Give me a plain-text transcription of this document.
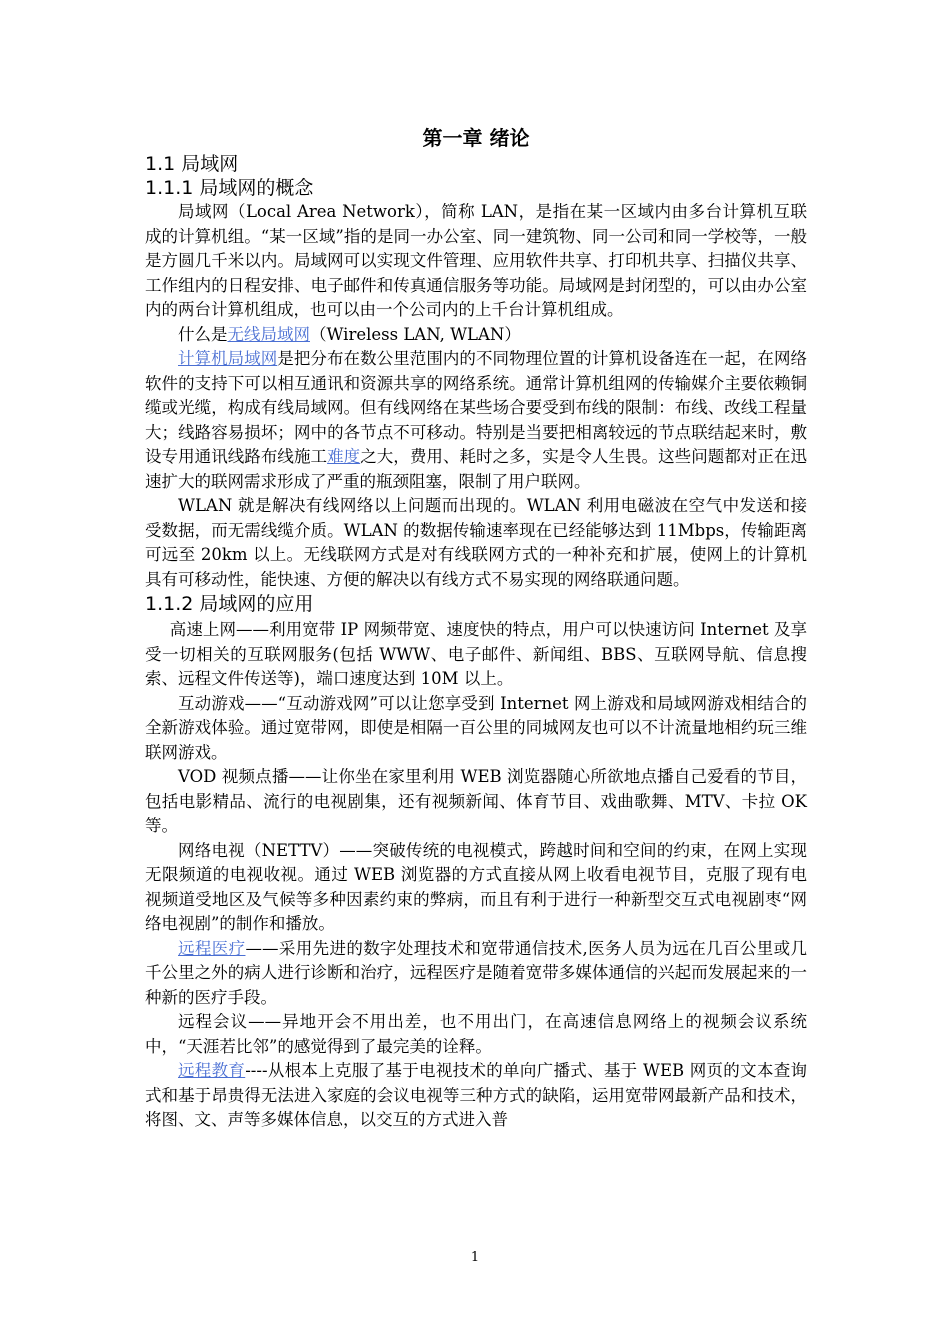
第一章 绪论
1.1 局域网
1.1.1 局域网的概念

局域网（Local Area Network），简称 LAN，是指在某一区域内由多台计算机互联成的计算机组。“某一区域”指的是同一办公室、同一建筑物、同一公司和同一学校等，一般是方圆几千米以内。局域网可以实现文件管理、应用软件共享、打印机共享、扫描仪共享、工作组内的日程安排、电子邮件和传真通信服务等功能。局域网是封闭型的，可以由办公室内的两台计算机组成，也可以由一个公司内的上千台计算机组成。

什么是无线局域网（Wireless LAN, WLAN）

计算机局域网是把分布在数公里范围内的不同物理位置的计算机设备连在一起，在网络软件的支持下可以相互通讯和资源共享的网络系统。通常计算机组网的传输媒介主要依赖铜缆或光缆，构成有线局域网。但有线网络在某些场合要受到布线的限制：布线、改线工程量大；线路容易损坏；网中的各节点不可移动。特别是当要把相离较远的节点联结起来时，敷设专用通讯线路布线施工难度之大，费用、耗时之多，实是令人生畏。这些问题都对正在迅速扩大的联网需求形成了严重的瓶颈阻塞，限制了用户联网。

WLAN 就是解决有线网络以上问题而出现的。WLAN 利用电磁波在空气中发送和接受数据，而无需线缆介质。WLAN 的数据传输速率现在已经能够达到 11Mbps，传输距离可远至 20km 以上。无线联网方式是对有线联网方式的一种补充和扩展，使网上的计算机具有可移动性，能快速、方便的解决以有线方式不易实现的网络联通问题。

1.1.2 局域网的应用

高速上网——利用宽带 IP 网频带宽、速度快的特点，用户可以快速访问 Internet 及享受一切相关的互联网服务(包括 WWW、电子邮件、新闻组、BBS、互联网导航、信息搜索、远程文件传送等)，端口速度达到 10M 以上。

互动游戏——“互动游戏网”可以让您享受到 Internet 网上游戏和局域网游戏相结合的全新游戏体验。通过宽带网，即使是相隔一百公里的同城网友也可以不计流量地相约玩三维联网游戏。

VOD 视频点播——让你坐在家里利用 WEB 浏览器随心所欲地点播自己爱看的节目，包括电影精品、流行的电视剧集，还有视频新闻、体育节目、戏曲歌舞、MTV、卡拉 OK 等。

网络电视（NETTV）——突破传统的电视模式，跨越时间和空间的约束，在网上实现无限频道的电视收视。通过 WEB 浏览器的方式直接从网上收看电视节目，克服了现有电视频道受地区及气候等多种因素约束的弊病，而且有利于进行一种新型交互式电视剧枣“网络电视剧”的制作和播放。

远程医疗——采用先进的数字处理技术和宽带通信技术,医务人员为远在几百公里或几千公里之外的病人进行诊断和治疗，远程医疗是随着宽带多媒体通信的兴起而发展起来的一种新的医疗手段。

远程会议——异地开会不用出差，也不用出门，在高速信息网络上的视频会议系统中，“天涯若比邻”的感觉得到了最完美的诠释。

远程教育----从根本上克服了基于电视技术的单向广播式、基于 WEB 网页的文本查询式和基于昂贵得无法进入家庭的会议电视等三种方式的缺陷，运用宽带网最新产品和技术，将图、文、声等多媒体信息，以交互的方式进入普

1
